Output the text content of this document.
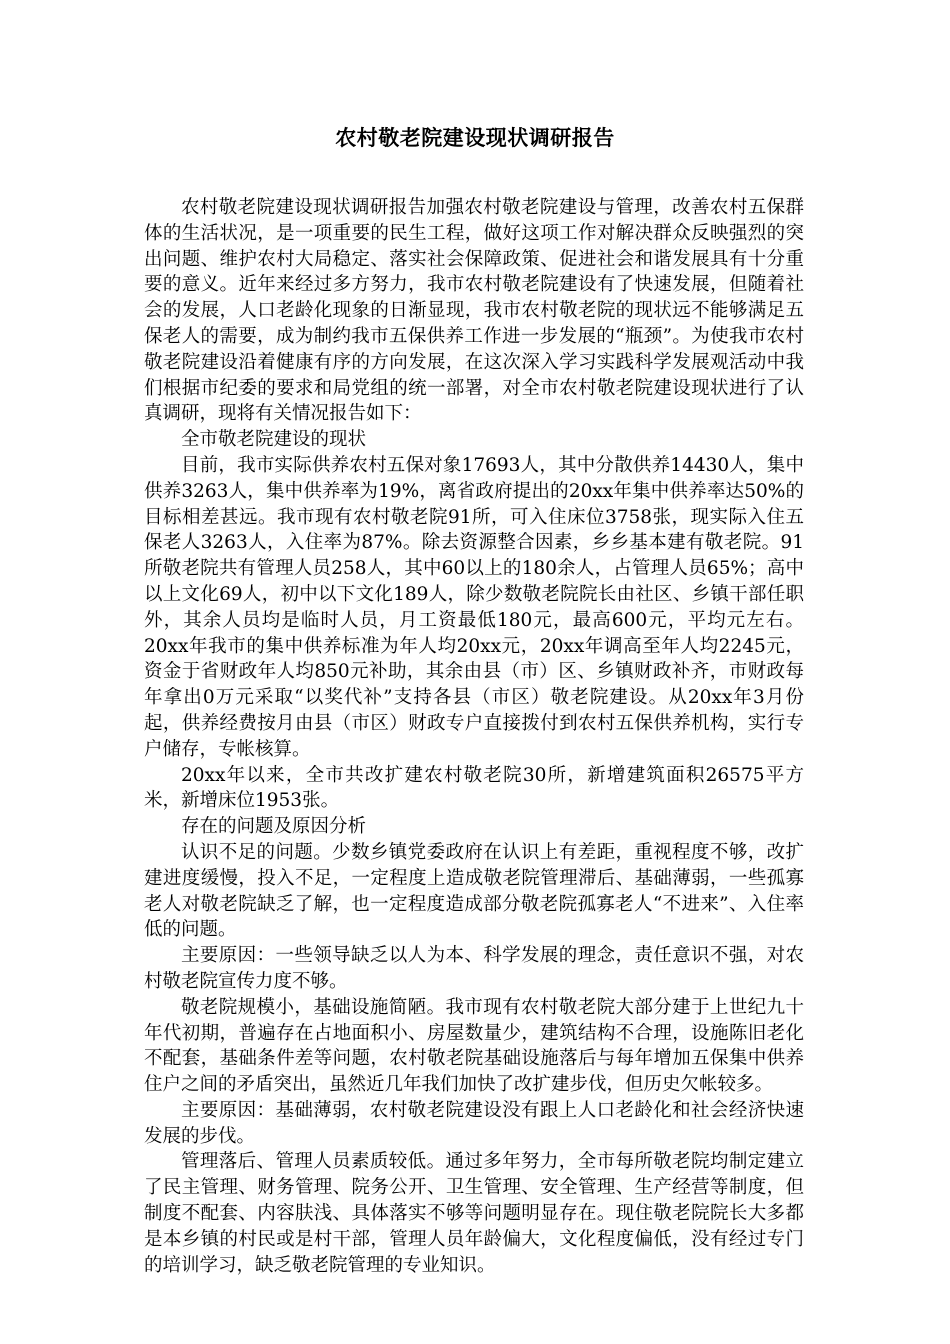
农村敬老院建设现状调研报告

农村敬老院建设现状调研报告加强农村敬老院建设与管理，改善农村五保群体的生活状况，是一项重要的民生工程，做好这项工作对解决群众反映强烈的突出问题、维护农村大局稳定、落实社会保障政策、促进社会和谐发展具有十分重要的意义。近年来经过多方努力，我市农村敬老院建设有了快速发展，但随着社会的发展，人口老龄化现象的日渐显现，我市农村敬老院的现状远不能够满足五保老人的需要，成为制约我市五保供养工作进一步发展的“瓶颈”。为使我市农村敬老院建设沿着健康有序的方向发展，在这次深入学习实践科学发展观活动中我们根据市纪委的要求和局党组的统一部署，对全市农村敬老院建设现状进行了认真调研，现将有关情况报告如下：

全市敬老院建设的现状

目前，我市实际供养农村五保对象17693人，其中分散供养14430人，集中供养3263人，集中供养率为19%，离省政府提出的20xx年集中供养率达50%的目标相差甚远。我市现有农村敬老院91所，可入住床位3758张，现实际入住五保老人3263人，入住率为87%。除去资源整合因素，乡乡基本建有敬老院。91所敬老院共有管理人员258人，其中60以上的180余人，占管理人员65%；高中以上文化69人，初中以下文化189人，除少数敬老院院长由社区、乡镇干部任职外，其余人员均是临时人员，月工资最低180元，最高600元，平均元左右。20xx年我市的集中供养标准为年人均20xx元，20xx年调高至年人均2245元，资金于省财政年人均850元补助，其余由县（市）区、乡镇财政补齐，市财政每年拿出0万元采取“以奖代补”支持各县（市区）敬老院建设。从20xx年3月份起，供养经费按月由县（市区）财政专户直接拨付到农村五保供养机构，实行专户储存，专帐核算。

20xx年以来，全市共改扩建农村敬老院30所，新增建筑面积26575平方米，新增床位1953张。

存在的问题及原因分析

认识不足的问题。少数乡镇党委政府在认识上有差距，重视程度不够，改扩建进度缓慢，投入不足，一定程度上造成敬老院管理滞后、基础薄弱，一些孤寡老人对敬老院缺乏了解，也一定程度造成部分敬老院孤寡老人“不进来”、入住率低的问题。

主要原因：一些领导缺乏以人为本、科学发展的理念，责任意识不强，对农村敬老院宣传力度不够。

敬老院规模小，基础设施简陋。我市现有农村敬老院大部分建于上世纪九十年代初期，普遍存在占地面积小、房屋数量少，建筑结构不合理，设施陈旧老化不配套，基础条件差等问题，农村敬老院基础设施落后与每年增加五保集中供养住户之间的矛盾突出，虽然近几年我们加快了改扩建步伐，但历史欠帐较多。

主要原因：基础薄弱，农村敬老院建设没有跟上人口老龄化和社会经济快速发展的步伐。

管理落后、管理人员素质较低。通过多年努力，全市每所敬老院均制定建立了民主管理、财务管理、院务公开、卫生管理、安全管理、生产经营等制度，但制度不配套、内容肤浅、具体落实不够等问题明显存在。现住敬老院院长大多都是本乡镇的村民或是村干部，管理人员年龄偏大，文化程度偏低，没有经过专门的培训学习，缺乏敬老院管理的专业知识。
